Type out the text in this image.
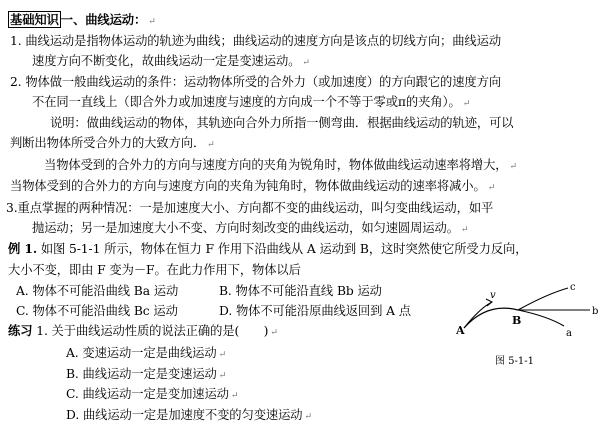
基础知识 一、曲线运动： ↵
1. 曲线运动是指物体运动的轨迹为曲线；曲线运动的速度方向是该点的切线方向；曲线运动
速度方向不断变化，故曲线运动一定是变速运动。 ↵
2. 物体做一般曲线运动的条件：运动物体所受的合外力（或加速度）的方向跟它的速度方向
不在同一直线上（即合外力或加速度与速度的方向成一个不等于零或π的夹角）。 ↵
说明：做曲线运动的物体，其轨迹向合外力所指一侧弯曲．根据曲线运动的轨迹，可以
判断出物体所受合外力的大致方向． ↵
当物体受到的合外力的方向与速度方向的夹角为锐角时，物体做曲线运动速率将增大， ↵
当物体受到的合外力的方向与速度方向的夹角为钝角时，物体做曲线运动的速率将减小。 ↵
3.重点掌握的两种情况：一是加速度大小、方向都不变的曲线运动，叫匀变曲线运动，如平
抛运动；另一是加速度大小不变、方向时刻改变的曲线运动，如匀速圆周运动。 ↵
例 1. 如图 5-1-1 所示，物体在恒力 F 作用下沿曲线从 A 运动到 B，这时突然使它所受力反向，
大小不变，即由 F 变为－F。在此力作用下，物体以后
A. 物体不可能沿曲线 Ba 运动	B. 物体不可能沿直线 Bb 运动
C. 物体不可能沿曲线 Bc 运动	D. 物体不可能沿原曲线返回到 A 点
练习 1. 关于曲线运动性质的说法正确的是(　　) ↵
A. 变速运动一定是曲线运动 ↵
B. 曲线运动一定是变速运动 ↵
C. 曲线运动一定是变加速运动 ↵
D. 曲线运动一定是加速度不变的匀变速运动 ↵
A
B
v
a
b
c
图 5-1-1
